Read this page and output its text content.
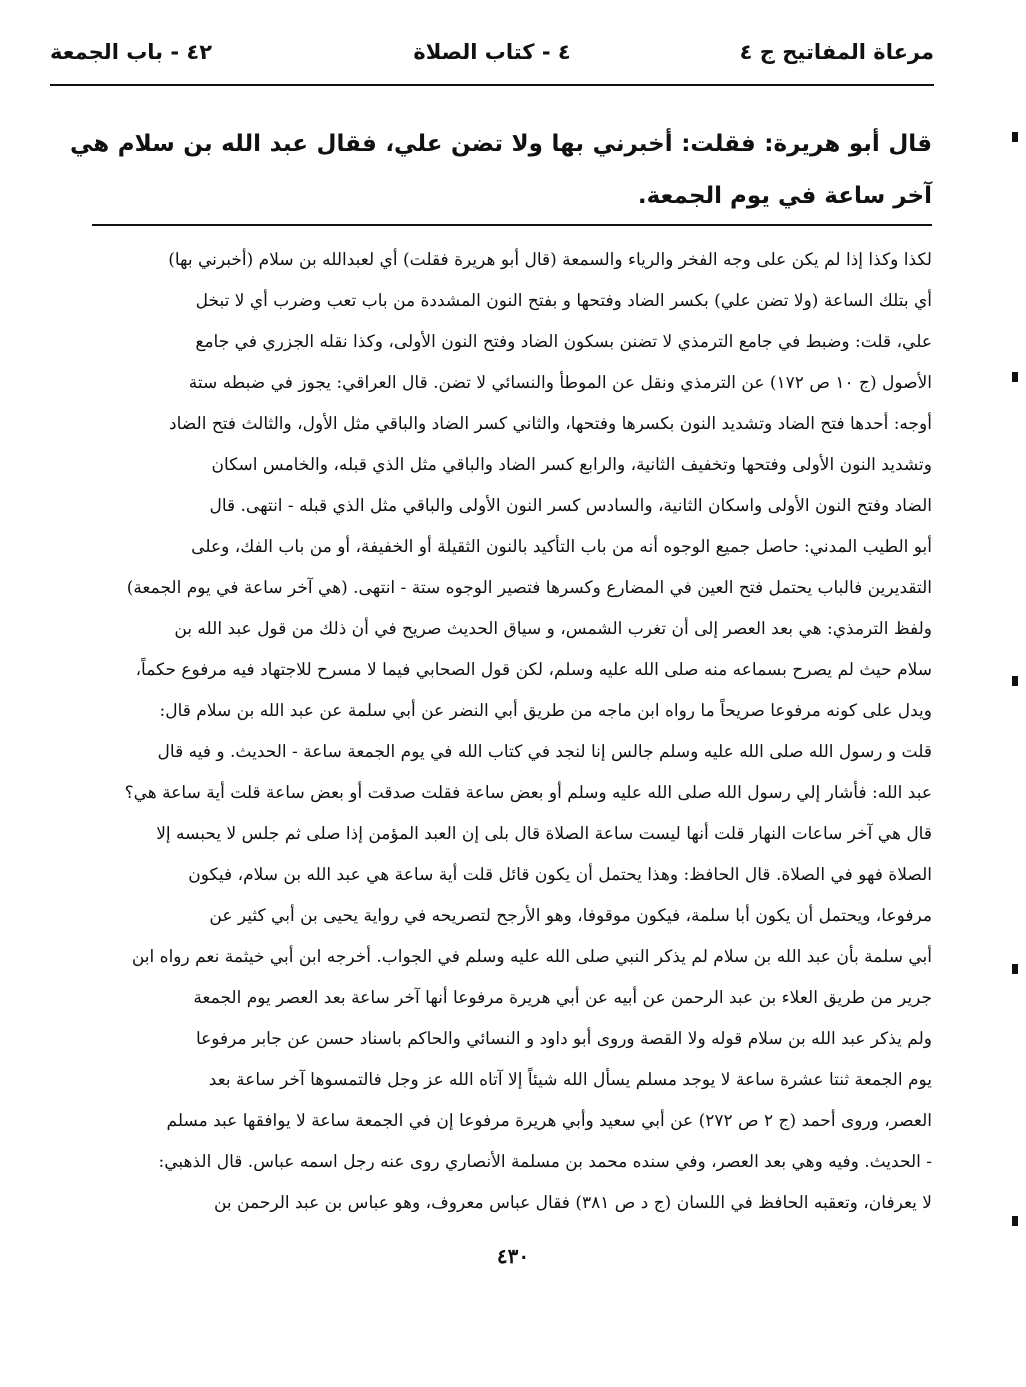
مرعاة المفاتيح ج ٤
٤ - كتاب الصلاة
٤٢ - باب الجمعة
قال أبو هريرة: فقلت: أخبرني بها ولا تضن علي، فقال عبد الله بن سلام هي آخر ساعة في يوم الجمعة.

لكذا وكذا إذا لم يكن على وجه الفخر والرياء والسمعة (قال أبو هريرة فقلت) أي لعبدالله بن سلام (أخبرني بها)

أي بتلك الساعة (ولا تضن علي) بكسر الضاد وفتحها و بفتح النون المشددة من باب تعب وضرب أي لا تبخل

علي، قلت: وضبط في جامع الترمذي لا تضنن بسكون الضاد وفتح النون الأولى، وكذا نقله الجزري في جامع

الأصول (ج ١٠ ص ١٧٢) عن الترمذي ونقل عن الموطأ والنسائي لا تضن. قال العراقي: يجوز في ضبطه ستة

أوجه: أحدها فتح الضاد وتشديد النون بكسرها وفتحها، والثاني كسر الضاد والباقي مثل الأول، والثالث فتح الضاد

وتشديد النون الأولى وفتحها وتخفيف الثانية، والرابع كسر الضاد والباقي مثل الذي قبله، والخامس اسكان

الضاد وفتح النون الأولى واسكان الثانية، والسادس كسر النون الأولى والباقي مثل الذي قبله - انتهى. قال

أبو الطيب المدني: حاصل جميع الوجوه أنه من باب التأكيد بالنون الثقيلة أو الخفيفة، أو من باب الفك، وعلى

التقديرين فالباب يحتمل فتح العين في المضارع وكسرها فتصير الوجوه ستة - انتهى. (هي آخر ساعة في يوم الجمعة)

ولفظ الترمذي: هي بعد العصر إلى أن تغرب الشمس، و سياق الحديث صريح في أن ذلك من قول عبد الله بن

سلام حيث لم يصرح بسماعه منه صلى الله عليه وسلم، لكن قول الصحابي فيما لا مسرح للاجتهاد فيه مرفوع حكماً،

ويدل على كونه مرفوعا صريحاً ما رواه ابن ماجه من طريق أبي النضر عن أبي سلمة عن عبد الله بن سلام قال:

قلت و رسول الله صلى الله عليه وسلم جالس إنا لنجد في كتاب الله في يوم الجمعة ساعة - الحديث. و فيه قال

عبد الله: فأشار إلي رسول الله صلى الله عليه وسلم أو بعض ساعة فقلت صدقت أو بعض ساعة قلت أية ساعة هي؟

قال هي آخر ساعات النهار قلت أنها ليست ساعة الصلاة قال بلى إن العبد المؤمن إذا صلى ثم جلس لا يحبسه إلا

الصلاة فهو في الصلاة. قال الحافظ: وهذا يحتمل أن يكون قائل قلت أية ساعة هي عبد الله بن سلام، فيكون

مرفوعا، ويحتمل أن يكون أبا سلمة، فيكون موقوفا، وهو الأرجح لتصريحه في رواية يحيى بن أبي كثير عن

أبي سلمة بأن عبد الله بن سلام لم يذكر النبي صلى الله عليه وسلم في الجواب. أخرجه ابن أبي خيثمة نعم رواه ابن

جرير من طريق العلاء بن عبد الرحمن عن أبيه عن أبي هريرة مرفوعا أنها آخر ساعة بعد العصر يوم الجمعة

ولم يذكر عبد الله بن سلام قوله ولا القصة وروى أبو داود و النسائي والحاكم باسناد حسن عن جابر مرفوعا

يوم الجمعة ثنتا عشرة ساعة لا يوجد مسلم يسأل الله شيئاً إلا آتاه الله عز وجل فالتمسوها آخر ساعة بعد

العصر، وروى أحمد (ج ٢ ص ٢٧٢) عن أبي سعيد وأبي هريرة مرفوعا إن في الجمعة ساعة لا يوافقها عبد مسلم

- الحديث. وفيه وهي بعد العصر، وفي سنده محمد بن مسلمة الأنصاري روى عنه رجل اسمه عباس. قال الذهبي:

لا يعرفان، وتعقبه الحافظ في اللسان (ج د ص ٣٨١) فقال عباس معروف، وهو عباس بن عبد الرحمن بن

٤٣٠
